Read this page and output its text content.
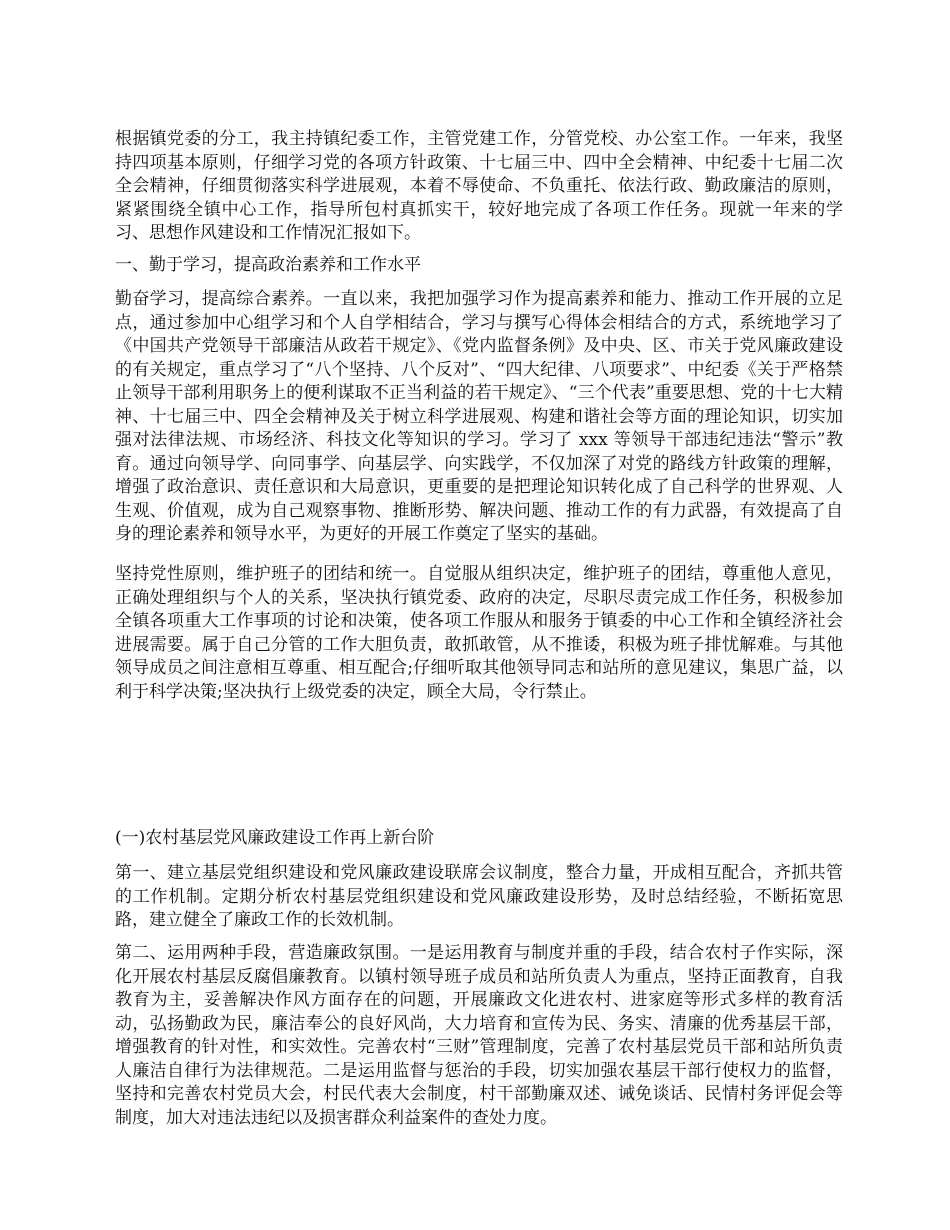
根据镇党委的分工，我主持镇纪委工作，主管党建工作，分管党校、办公室工作。一年来，我坚持四项基本原则，仔细学习党的各项方针政策、十七届三中、四中全会精神、中纪委十七届二次全会精神，仔细贯彻落实科学进展观，本着不辱使命、不负重托、依法行政、勤政廉洁的原则，紧紧围绕全镇中心工作，指导所包村真抓实干，较好地完成了各项工作任务。现就一年来的学习、思想作风建设和工作情况汇报如下。

一、勤于学习，提高政治素养和工作水平

勤奋学习，提高综合素养。一直以来，我把加强学习作为提高素养和能力、推动工作开展的立足点，通过参加中心组学习和个人自学相结合，学习与撰写心得体会相结合的方式，系统地学习了《中国共产党领导干部廉洁从政若干规定》、《党内监督条例》及中央、区、市关于党风廉政建设的有关规定，重点学习了“八个坚持、八个反对”、“四大纪律、八项要求”、中纪委《关于严格禁止领导干部利用职务上的便利谋取不正当利益的若干规定》、“三个代表”重要思想、党的十七大精神、十七届三中、四全会精神及关于树立科学进展观、构建和谐社会等方面的理论知识，切实加强对法律法规、市场经济、科技文化等知识的学习。学习了 xxx 等领导干部违纪违法“警示”教育。通过向领导学、向同事学、向基层学、向实践学，不仅加深了对党的路线方针政策的理解，增强了政治意识、责任意识和大局意识，更重要的是把理论知识转化成了自己科学的世界观、人生观、价值观，成为自己观察事物、推断形势、解决问题、推动工作的有力武器，有效提高了自身的理论素养和领导水平，为更好的开展工作奠定了坚实的基础。

坚持党性原则，维护班子的团结和统一。自觉服从组织决定，维护班子的团结，尊重他人意见，正确处理组织与个人的关系，坚决执行镇党委、政府的决定，尽职尽责完成工作任务，积极参加全镇各项重大工作事项的讨论和决策，使各项工作服从和服务于镇委的中心工作和全镇经济社会进展需要。属于自己分管的工作大胆负责，敢抓敢管，从不推诿，积极为班子排忧解难。与其他领导成员之间注意相互尊重、相互配合;仔细听取其他领导同志和站所的意见建议，集思广益，以利于科学决策;坚决执行上级党委的决定，顾全大局，令行禁止。

(一)农村基层党风廉政建设工作再上新台阶

第一、建立基层党组织建设和党风廉政建设联席会议制度，整合力量，开成相互配合，齐抓共管的工作机制。定期分析农村基层党组织建设和党风廉政建设形势，及时总结经验，不断拓宽思路，建立健全了廉政工作的长效机制。

第二、运用两种手段，营造廉政氛围。一是运用教育与制度并重的手段，结合农村子作实际，深化开展农村基层反腐倡廉教育。以镇村领导班子成员和站所负责人为重点，坚持正面教育，自我教育为主，妥善解决作风方面存在的问题，开展廉政文化进农村、进家庭等形式多样的教育活动，弘扬勤政为民，廉洁奉公的良好风尚，大力培育和宣传为民、务实、清廉的优秀基层干部，增强教育的针对性，和实效性。完善农村“三财”管理制度，完善了农村基层党员干部和站所负责人廉洁自律行为法律规范。二是运用监督与惩治的手段，切实加强农基层干部行使权力的监督，坚持和完善农村党员大会，村民代表大会制度，村干部勤廉双述、诫免谈话、民情村务评促会等制度，加大对违法违纪以及损害群众利益案件的查处力度。
